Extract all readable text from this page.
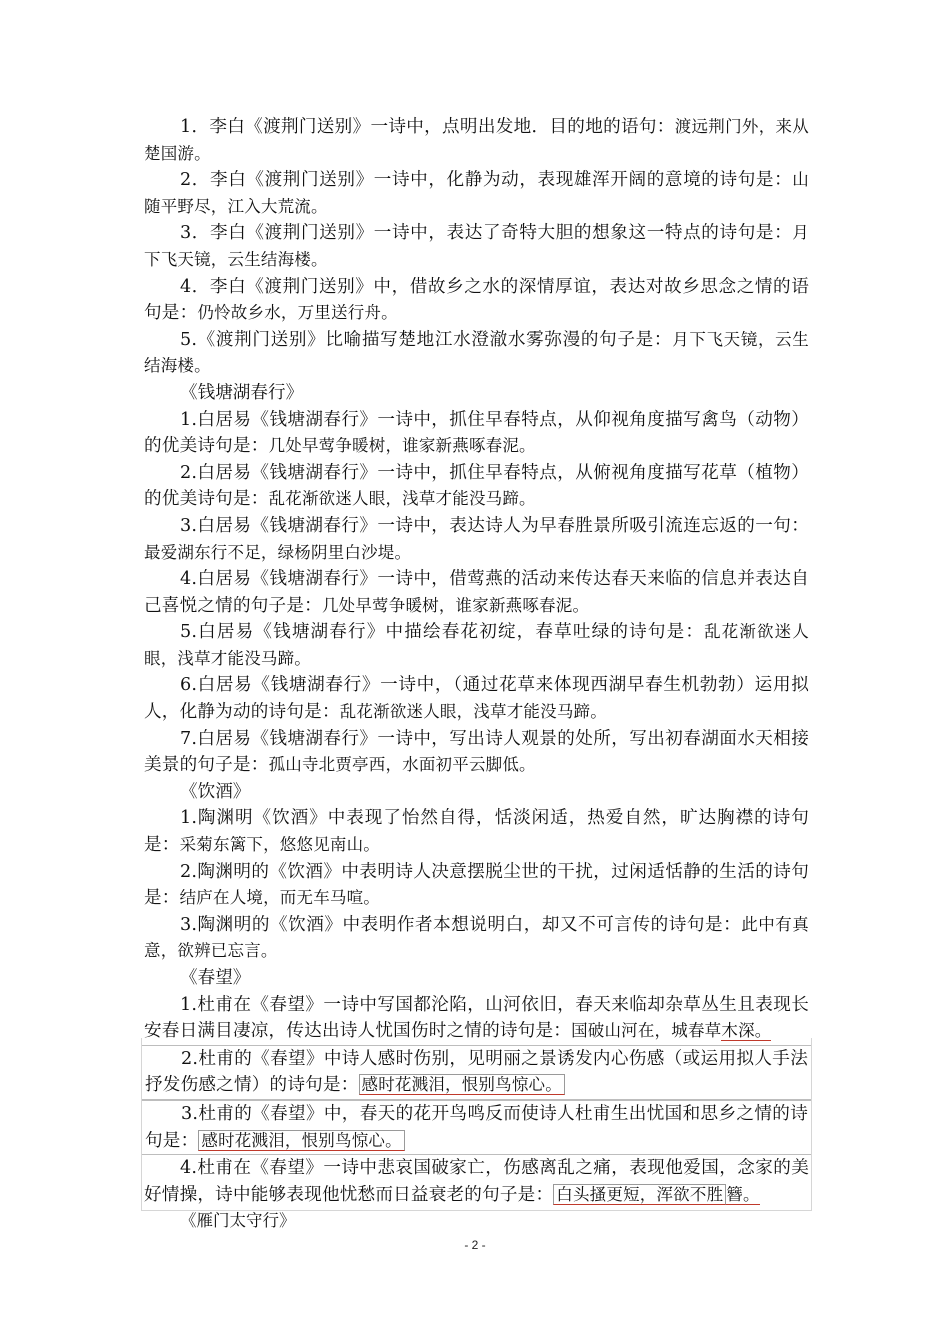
1．李白《渡荆门送别》一诗中，点明出发地．目的地的语句：渡远荆门外，来从楚国游。

2．李白《渡荆门送别》一诗中，化静为动，表现雄浑开阔的意境的诗句是：山随平野尽，江入大荒流。

3．李白《渡荆门送别》一诗中，表达了奇特大胆的想象这一特点的诗句是：月下飞天镜，云生结海楼。

4．李白《渡荆门送别》中，借故乡之水的深情厚谊，表达对故乡思念之情的语句是：仍怜故乡水，万里送行舟。

5.《渡荆门送别》比喻描写楚地江水澄澈水雾弥漫的句子是：月下飞天镜，云生结海楼。

《钱塘湖春行》

1.白居易《钱塘湖春行》一诗中，抓住早春特点，从仰视角度描写禽鸟（动物）的优美诗句是：几处早莺争暖树，谁家新燕啄春泥。

2.白居易《钱塘湖春行》一诗中，抓住早春特点，从俯视角度描写花草（植物）的优美诗句是：乱花渐欲迷人眼，浅草才能没马蹄。

3.白居易《钱塘湖春行》一诗中，表达诗人为早春胜景所吸引流连忘返的一句：最爱湖东行不足，绿杨阴里白沙堤。

4.白居易《钱塘湖春行》一诗中，借莺燕的活动来传达春天来临的信息并表达自己喜悦之情的句子是：几处早莺争暖树，谁家新燕啄春泥。

5.白居易《钱塘湖春行》中描绘春花初绽，春草吐绿的诗句是：乱花渐欲迷人眼，浅草才能没马蹄。

6.白居易《钱塘湖春行》一诗中，（通过花草来体现西湖早春生机勃勃）运用拟人，化静为动的诗句是：乱花渐欲迷人眼，浅草才能没马蹄。

7.白居易《钱塘湖春行》一诗中，写出诗人观景的处所，写出初春湖面水天相接美景的句子是：孤山寺北贾亭西，水面初平云脚低。

《饮酒》

1.陶渊明《饮酒》中表现了怡然自得，恬淡闲适，热爱自然，旷达胸襟的诗句是：采菊东篱下，悠悠见南山。

2.陶渊明的《饮酒》中表明诗人决意摆脱尘世的干扰，过闲适恬静的生活的诗句是：结庐在人境，而无车马喧。

3.陶渊明的《饮酒》中表明作者本想说明白，却又不可言传的诗句是：此中有真意，欲辨已忘言。

《春望》

1.杜甫在《春望》一诗中写国都沦陷，山河依旧，春天来临却杂草丛生且表现长安春日满目凄凉，传达出诗人忧国伤时之情的诗句是：国破山河在，城春草木深。

2.杜甫的《春望》中诗人感时伤别，见明丽之景诱发内心伤感（或运用拟人手法抒发伤感之情）的诗句是： 感时花溅泪，恨别鸟惊心。

3.杜甫的《春望》中，春天的花开鸟鸣反而使诗人杜甫生出忧国和思乡之情的诗句是： 感时花溅泪，恨别鸟惊心。

4.杜甫在《春望》一诗中悲哀国破家亡，伤感离乱之痛，表现他爱国，念家的美好情操，诗中能够表现他忧愁而日益衰老的句子是： 白头搔更短，浑欲不胜 簪。

《雁门太守行》

- 2 -
